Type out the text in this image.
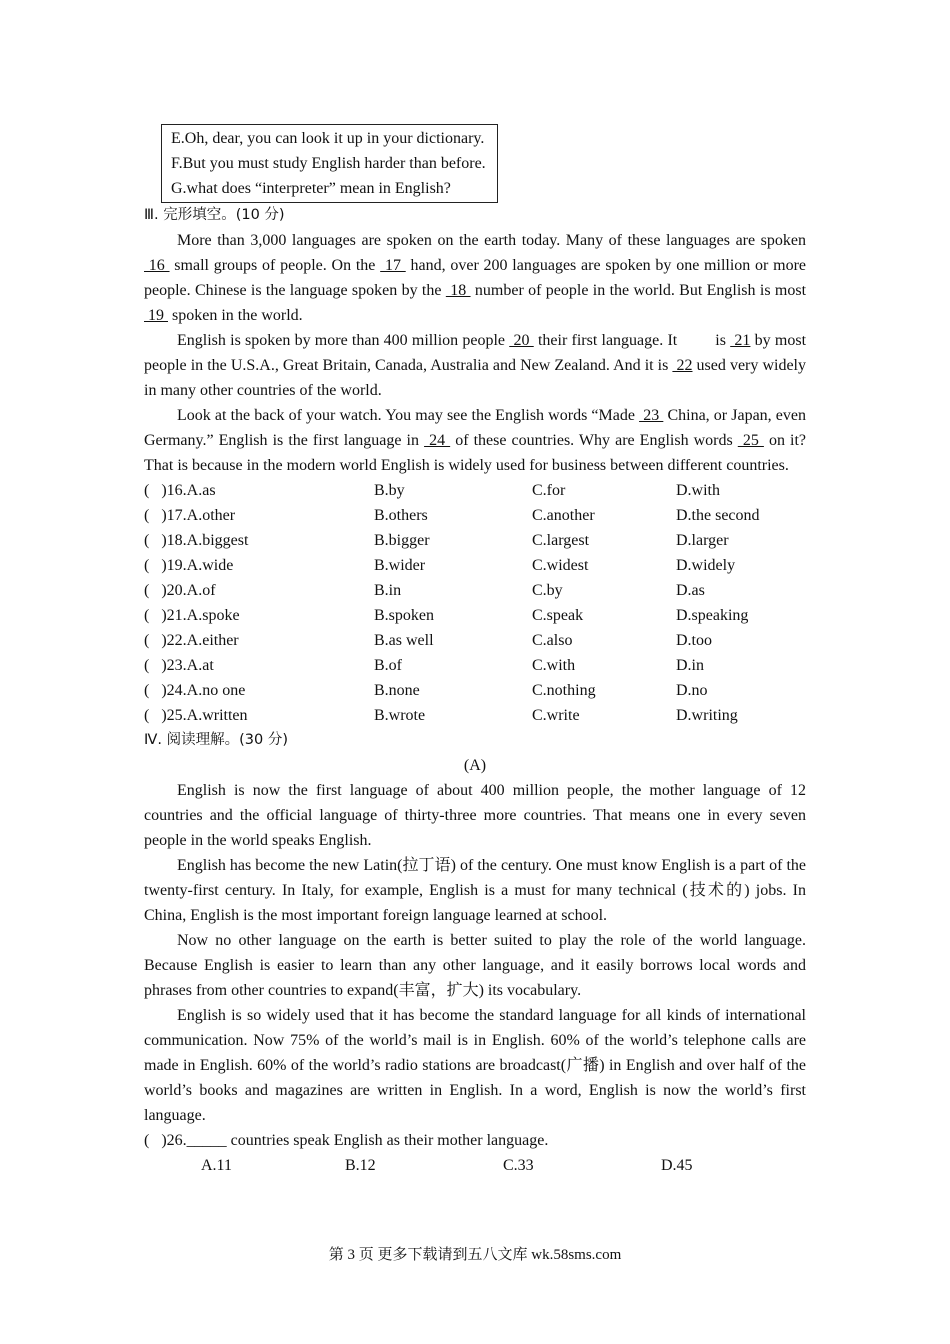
E.Oh, dear, you can look it up in your dictionary.
F.But you must study English harder than before.
G.what does “interpreter” mean in English?
Ⅲ. 完形填空。(10 分)

More than 3,000 languages are spoken on the earth today. Many of these languages are spoken  16  small groups of people. On the  17  hand, over 200 languages are spoken by one million or more people. Chinese is the language spoken by the  18  number of people in the world. But English is most  19  spoken in the world.

English is spoken by more than 400 million people  20  their first language. It         is  21 by most people in the U.S.A., Great Britain, Canada, Australia and New Zealand. And it is  22 used very widely in many other countries of the world.

Look at the back of your watch. You may see the English words “Made  23  China, or Japan, even Germany.” English is the first language in  24  of these countries. Why are English words  25  on it? That is because in the modern world English is widely used for business between different countries.

(   )16.A.as	B.by	C.for	D.with
(   )17.A.other	B.others	C.another	D.the second
(   )18.A.biggest	B.bigger	C.largest	D.larger
(   )19.A.wide	B.wider	C.widest	D.widely
(   )20.A.of	B.in	C.by	D.as
(   )21.A.spoke	B.spoken	C.speak	D.speaking
(   )22.A.either	B.as well	C.also	D.too
(   )23.A.at	B.of	C.with	D.in
(   )24.A.no one	B.none	C.nothing	D.no
(   )25.A.written	B.wrote	C.write	D.writing
Ⅳ. 阅读理解。(30 分)
(A)

English is now the first language of about 400 million people, the mother language of 12 countries and the official language of thirty-three more countries. That means one in every seven people in the world speaks English.

English has become the new Latin(拉丁语) of the century. One must know English is a part of the twenty-first century. In Italy, for example, English is a must for many technical (技术的) jobs. In China, English is the most important foreign language learned at school.

Now no other language on the earth is better suited to play the role of the world language. Because English is easier to learn than any other language, and it easily borrows local words and phrases from other countries to expand(丰富，扩大) its vocabulary.

English is so widely used that it has become the standard language for all kinds of international communication. Now 75% of the world’s mail is in English. 60% of the world’s telephone calls are made in English. 60% of the world’s radio stations are broadcast(广播) in English and over half of the world’s books and magazines are written in English. In a word, English is now the world’s first language.

(   )26._____ countries speak English as their mother language.
A.11	B.12	C.33	D.45
第 3 页 更多下载请到五八文库 wk.58sms.com
